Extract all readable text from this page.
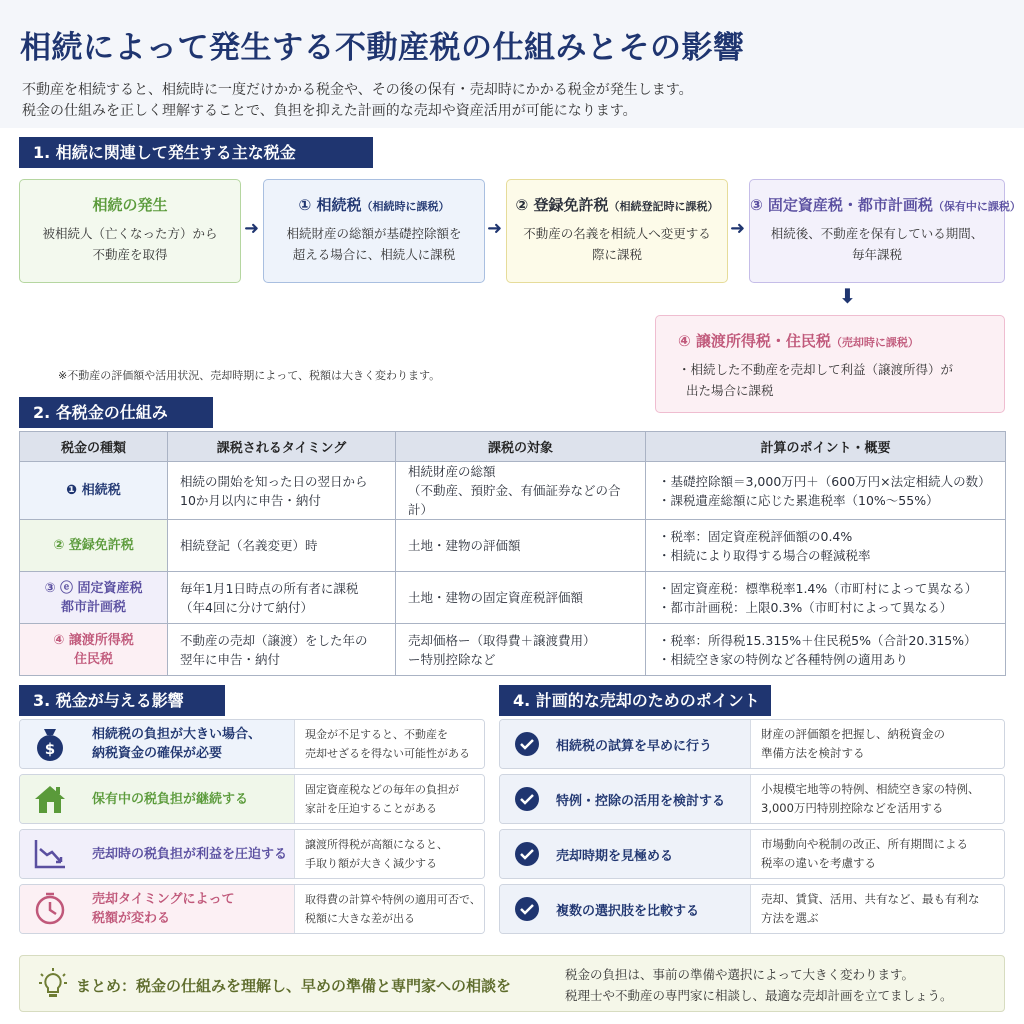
相続によって発生する不動産税の仕組みとその影響
不動産を相続すると、相続時に一度だけかかる税金や、その後の保有・売却時にかかる税金が発生します。
税金の仕組みを正しく理解することで、負担を抑えた計画的な売却や資産活用が可能になります。
1. 相続に関連して発生する主な税金
相続の発生
被相続人（亡くなった方）から
不動産を取得
➜
① 相続税（相続時に課税）
相続財産の総額が基礎控除額を
超える場合に、相続人に課税
➜
② 登録免許税（相続登記時に課税）
不動産の名義を相続人へ変更する
際に課税
➜
③ 固定資産税・都市計画税（保有中に課税）
相続後、不動産を保有している期間、
毎年課税
⬇
④ 譲渡所得税・住民税（売却時に課税）
・相続した不動産を売却して利益（譲渡所得）が
出た場合に課税
※不動産の評価額や活用状況、売却時期によって、税額は大きく変わります。
2. 各税金の仕組み
税金の種類	課税されるタイミング	課税の対象	計算のポイント・概要
❶ 相続税	相続の開始を知った日の翌日から
10か月以内に申告・納付	相続財産の総額
（不動産、預貯金、有価証券などの合計）	・基礎控除額＝3,000万円＋（600万円×法定相続人の数）
・課税遺産総額に応じた累進税率（10%〜55%）
② 登録免許税	相続登記（名義変更）時	土地・建物の評価額	・税率：固定資産税評価額の0.4%
・相続により取得する場合の軽減税率
③ ⓔ 固定資産税
都市計画税	毎年1月1日時点の所有者に課税
（年4回に分けて納付）	土地・建物の固定資産税評価額	・固定資産税：標準税率1.4%（市町村によって異なる）
・都市計画税：上限0.3%（市町村によって異なる）
④ 譲渡所得税
住民税	不動産の売却（譲渡）をした年の
翌年に申告・納付	売却価格ー（取得費＋譲渡費用）
ー特別控除など	・税率：所得税15.315%＋住民税5%（合計20.315%）
・相続空き家の特例など各種特例の適用あり
3. 税金が与える影響
$
相続税の負担が大きい場合、
納税資金の確保が必要
現金が不足すると、不動産を
売却せざるを得ない可能性がある
保有中の税負担が継続する
固定資産税などの毎年の負担が
家計を圧迫することがある
売却時の税負担が利益を圧迫する
譲渡所得税が高額になると、
手取り額が大きく減少する
売却タイミングによって
税額が変わる
取得費の計算や特例の適用可否で、
税額に大きな差が出る
4. 計画的な売却のためのポイント
相続税の試算を早めに行う
財産の評価額を把握し、納税資金の
準備方法を検討する
特例・控除の活用を検討する
小規模宅地等の特例、相続空き家の特例、
3,000万円特別控除などを活用する
売却時期を見極める
市場動向や税制の改正、所有期間による
税率の違いを考慮する
複数の選択肢を比較する
売却、賃貸、活用、共有など、最も有利な
方法を選ぶ
まとめ：税金の仕組みを理解し、早めの準備と専門家への相談を
税金の負担は、事前の準備や選択によって大きく変わります。
税理士や不動産の専門家に相談し、最適な売却計画を立てましょう。
